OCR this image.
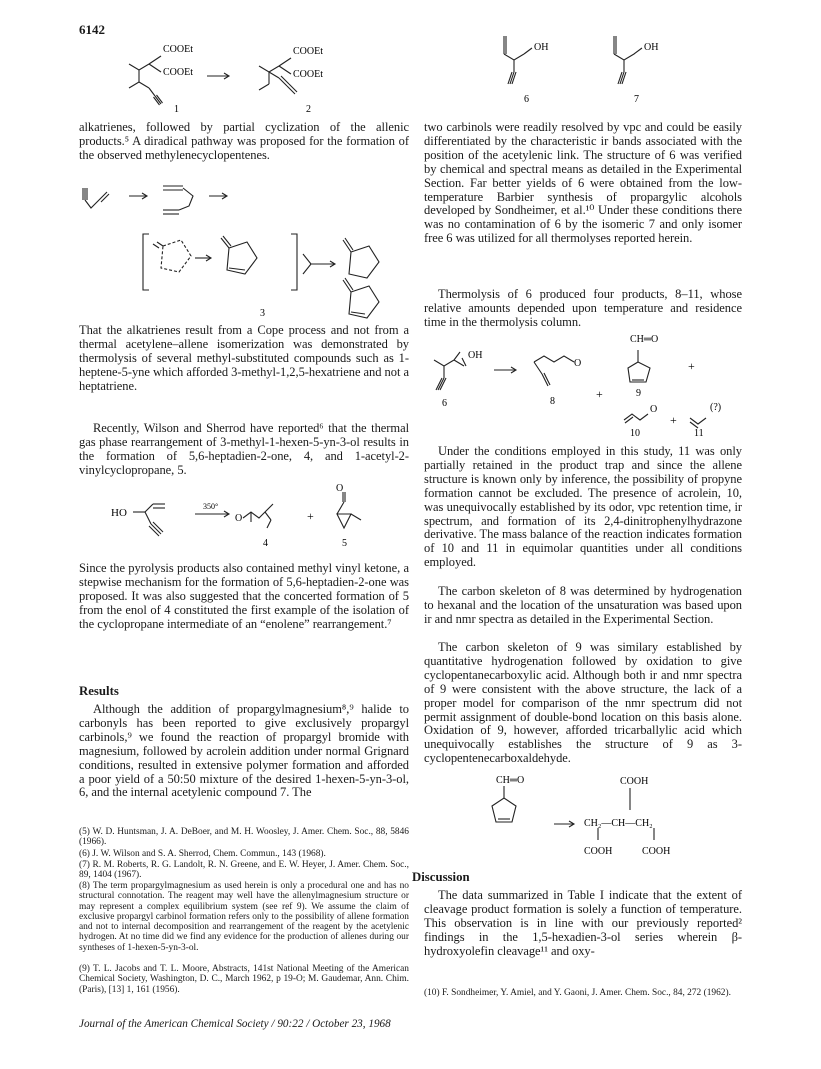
6142
COOEt
COOEt
COOEt
COOEt
1	2

alkatrienes, followed by partial cyclization of the allenic products.⁵ A diradical pathway was proposed for the formation of the observed methylenecyclopentenes.

3

That the alkatrienes result from a Cope process and not from a thermal acetylene–allene isomerization was demonstrated by thermolysis of several methyl-substituted compounds such as 1-heptene-5-yne which afforded 3-methyl-1,2,5-hexatriene and not a heptatriene.

Recently, Wilson and Sherrod have reported⁶ that the thermal gas phase rearrangement of 3-methyl-1-hexen-5-yn-3-ol results in the formation of 5,6-heptadien-2-one, 4, and 1-acetyl-2-vinylcyclopropane, 5.

HO
350°
O	+
O
4	5

Since the pyrolysis products also contained methyl vinyl ketone, a stepwise mechanism for the formation of 5,6-heptadien-2-one was proposed. It was also suggested that the concerted formation of 5 from the enol of 4 constituted the first example of the isolation of the cyclopropane intermediate of an “enolene” rearrangement.⁷

Results

Although the addition of propargylmagnesium⁸,⁹ halide to carbonyls has been reported to give exclusively propargyl carbinols,⁹ we found the reaction of propargyl bromide with magnesium, followed by acrolein addition under normal Grignard conditions, resulted in extensive polymer formation and afforded a poor yield of a 50:50 mixture of the desired 1-hexen-5-yn-3-ol, 6, and the internal acetylenic compound 7. The

(5) W. D. Huntsman, J. A. DeBoer, and M. H. Woosley, J. Amer. Chem. Soc., 88, 5846 (1966).

(6) J. W. Wilson and S. A. Sherrod, Chem. Commun., 143 (1968).

(7) R. M. Roberts, R. G. Landolt, R. N. Greene, and E. W. Heyer, J. Amer. Chem. Soc., 89, 1404 (1967).

(8) The term propargylmagnesium as used herein is only a procedural one and has no structural connotation. The reagent may well have the allenylmagnesium structure or may represent a complex equilibrium system (see ref 9). We assume the claim of exclusive propargyl carbinol formation refers only to the possibility of allene formation and not to internal decomposition and rearrangement of the reagent by the acetylenic hydrogen. At no time did we find any evidence for the production of allenes during our syntheses of 1-hexen-5-yn-3-ol.

(9) T. L. Jacobs and T. L. Moore, Abstracts, 141st National Meeting of the American Chemical Society, Washington, D. C., March 1962, p 19-O; M. Gaudemar, Ann. Chim. (Paris), [13] 1, 161 (1956).

OH	OH
6	7

two carbinols were readily resolved by vpc and could be easily differentiated by the characteristic ir bands associated with the position of the acetylenic link. The structure of 6 was verified by chemical and spectral means as detailed in the Experimental Section. Far better yields of 6 were obtained from the low-temperature Barbier synthesis of propargylic alcohols developed by Sondheimer, et al.¹⁰ Under these conditions there was no contamination of 6 by the isomeric 7 and only isomer free 6 was utilized for all thermolyses reported herein.

Thermolysis of 6 produced four products, 8–11, whose relative amounts depended upon temperature and residence time in the thermolysis column.

OH
O
CH═O
+
+
O
+
(?)
6	8
9
10	11

Under the conditions employed in this study, 11 was only partially retained in the product trap and since the allene structure is known only by inference, the possibility of propyne formation cannot be excluded. The presence of acrolein, 10, was unequivocally established by its odor, vpc retention time, ir spectrum, and formation of its 2,4-dinitrophenylhydrazone derivative. The mass balance of the reaction indicates formation of 10 and 11 in equimolar quantities under all conditions employed.

The carbon skeleton of 8 was determined by hydrogenation to hexanal and the location of the unsaturation was based upon ir and nmr spectra as detailed in the Experimental Section.

The carbon skeleton of 9 was similary established by quantitative hydrogenation followed by oxidation to give cyclopentanecarboxylic acid. Although both ir and nmr spectra of 9 were consistent with the above structure, the lack of a proper model for comparison of the nmr spectrum did not permit assignment of double-bond location on this basis alone. Oxidation of 9, however, afforded tricarballylic acid which unequivocally establishes the structure of 9 as 3-cyclopentenecarboxaldehyde.

CH═O	COOH
CH₂—CH—CH₂
COOH	COOH
Discussion

The data summarized in Table I indicate that the extent of cleavage product formation is solely a function of temperature. This observation is in line with our previously reported² findings in the 1,5-hexadien-3-ol series wherein β-hydroxyolefin cleavage¹¹ and oxy-

(10) F. Sondheimer, Y. Amiel, and Y. Gaoni, J. Amer. Chem. Soc., 84, 272 (1962).

Journal of the American Chemical Society / 90:22 / October 23, 1968
